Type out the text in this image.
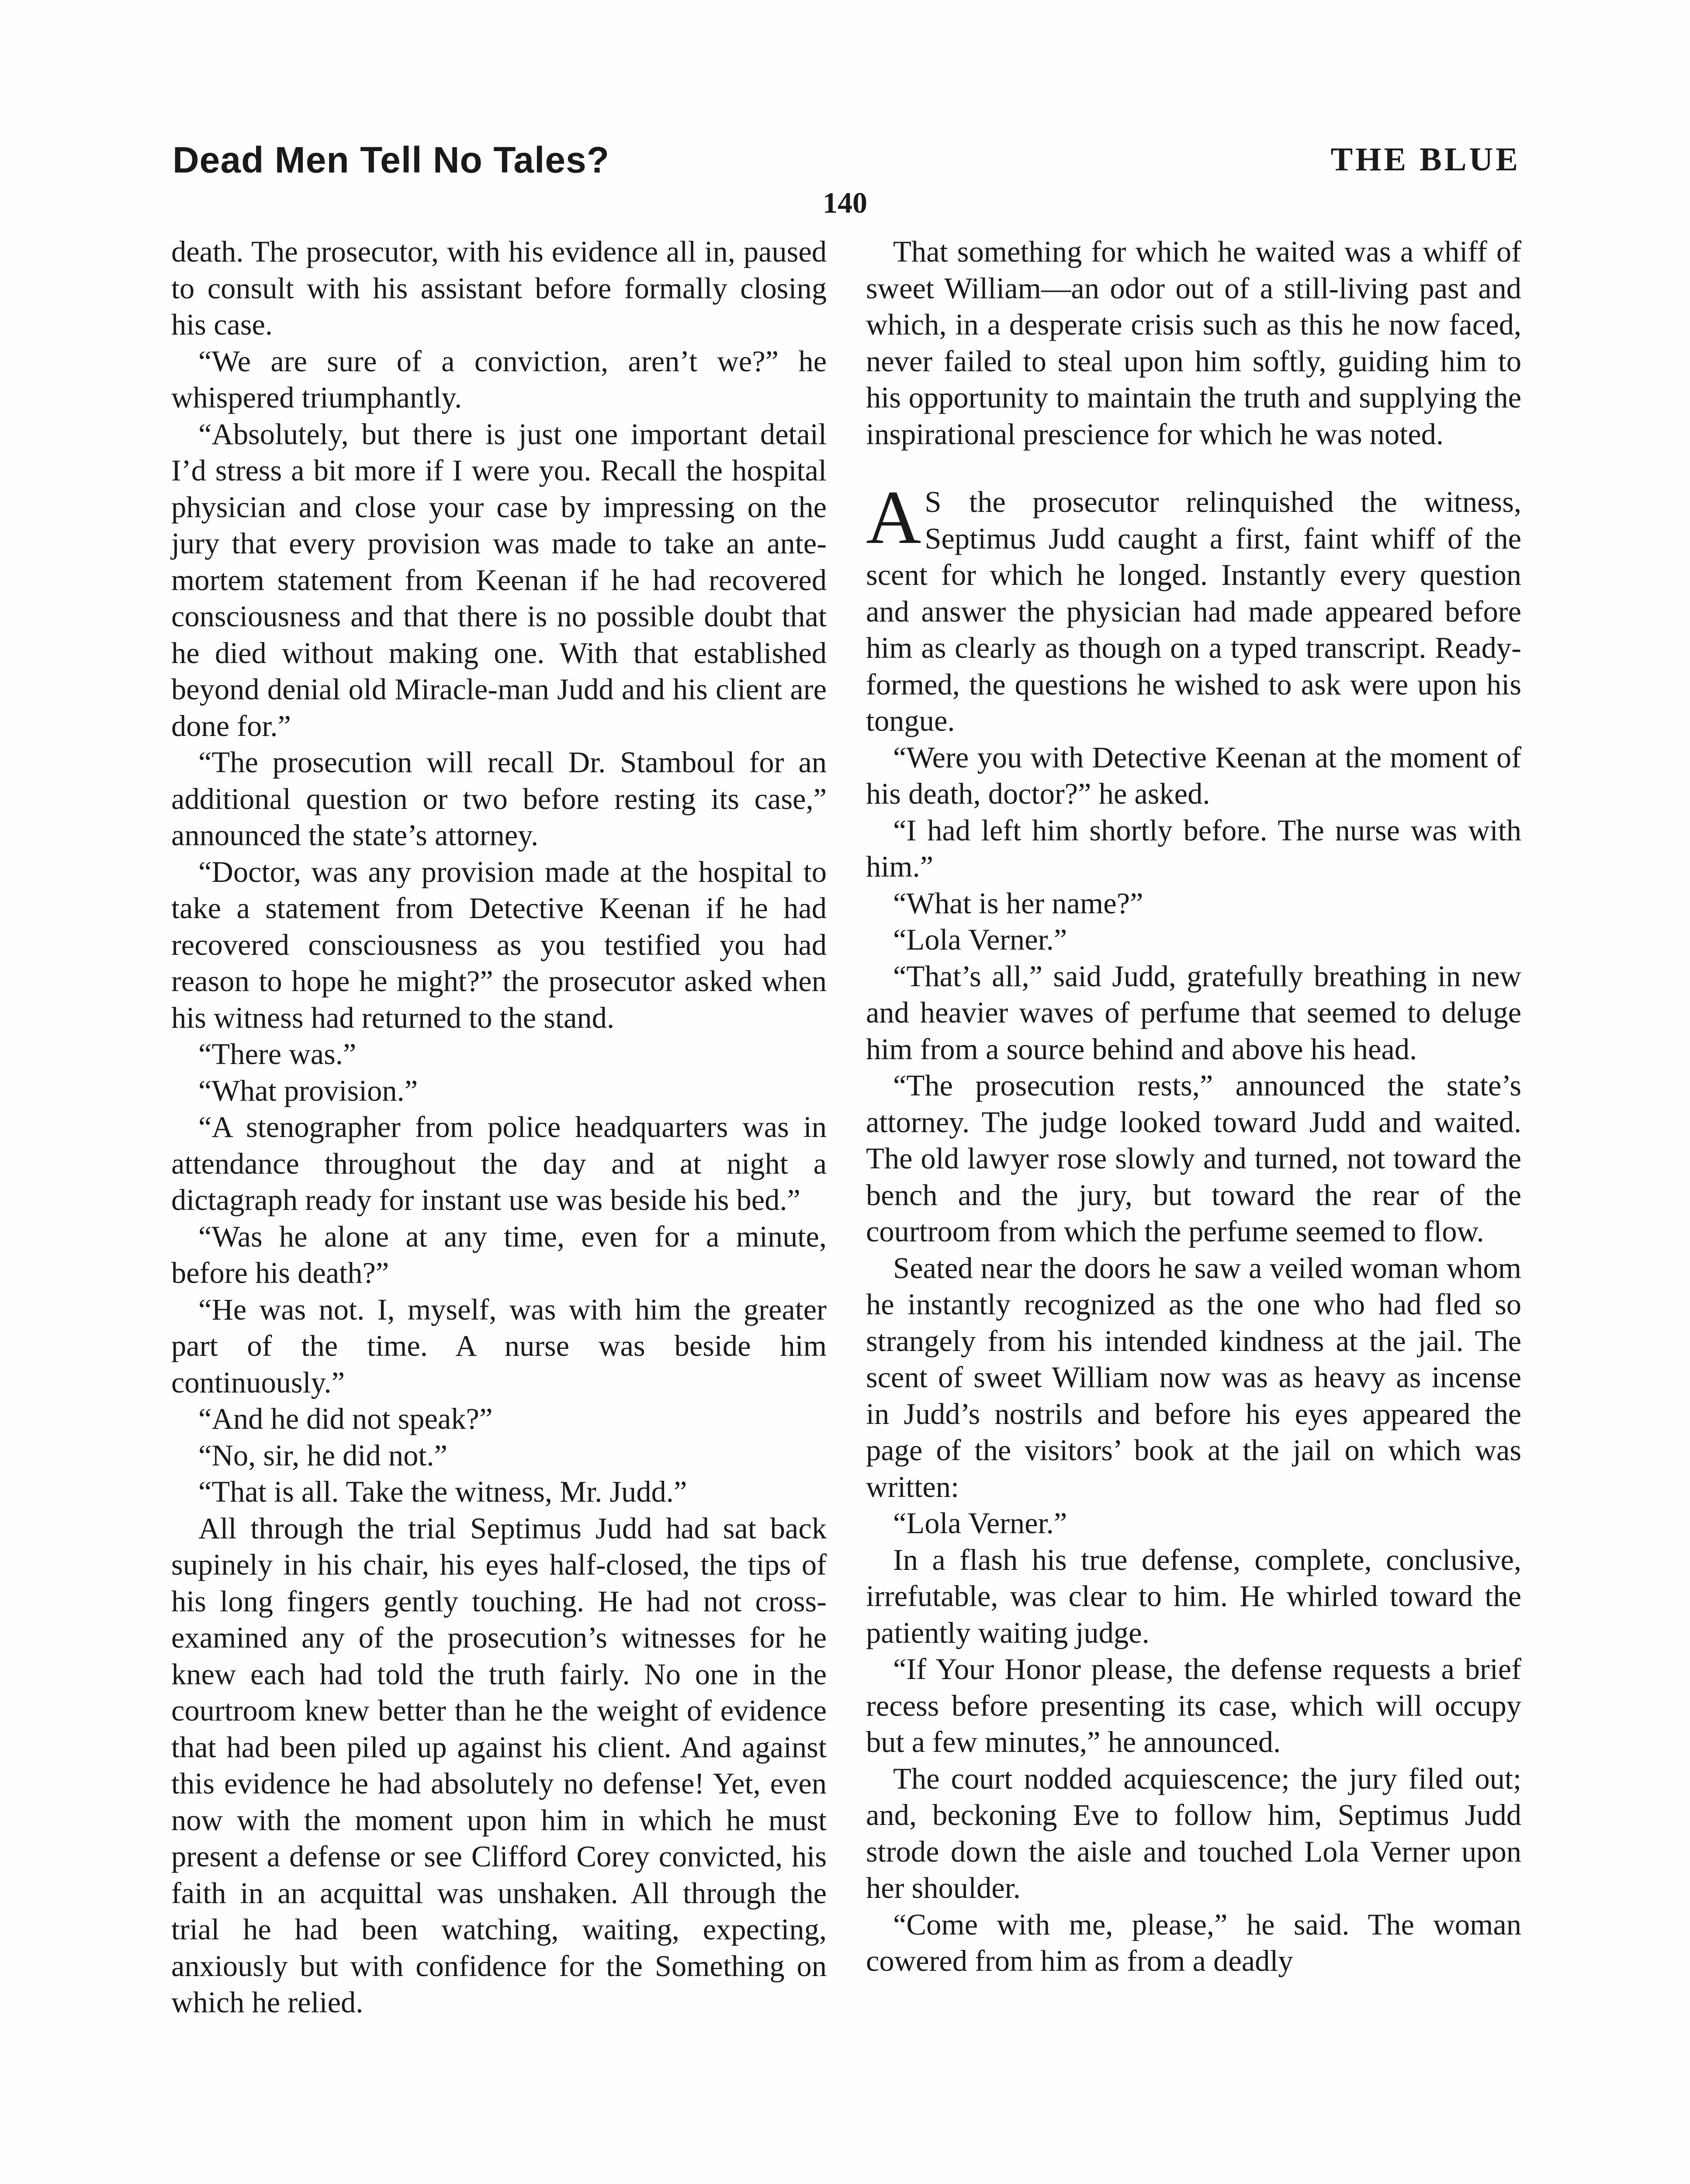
Dead Men Tell No Tales?	THE BLUE
140

death. The prosecutor, with his evidence all in, paused to consult with his assistant before formally closing his case.

“We are sure of a conviction, aren’t we?” he whispered triumphantly.

“Absolutely, but there is just one important detail I’d stress a bit more if I were you. Recall the hospital physician and close your case by impressing on the jury that every provision was made to take an ante-mortem statement from Keenan if he had recovered consciousness and that there is no possible doubt that he died without making one. With that established beyond denial old Miracle-man Judd and his client are done for.”

“The prosecution will recall Dr. Stamboul for an additional question or two before resting its case,” announced the state’s attorney.

“Doctor, was any provision made at the hospital to take a statement from Detective Keenan if he had recovered consciousness as you testified you had reason to hope he might?” the prosecutor asked when his witness had returned to the stand.

“There was.”

“What provision.”

“A stenographer from police headquarters was in attendance throughout the day and at night a dictagraph ready for instant use was beside his bed.”

“Was he alone at any time, even for a minute, before his death?”

“He was not. I, myself, was with him the greater part of the time. A nurse was beside him continuously.”

“And he did not speak?”

“No, sir, he did not.”

“That is all. Take the witness, Mr. Judd.”

All through the trial Septimus Judd had sat back supinely in his chair, his eyes half-closed, the tips of his long fingers gently touching. He had not cross-examined any of the prosecution’s witnesses for he knew each had told the truth fairly. No one in the courtroom knew better than he the weight of evidence that had been piled up against his client. And against this evidence he had absolutely no defense! Yet, even now with the moment upon him in which he must present a defense or see Clifford Corey convicted, his faith in an acquittal was unshaken. All through the trial he had been watching, waiting, expecting, anxiously but with confidence for the Something on which he relied.

That something for which he waited was a whiff of sweet William—an odor out of a still-living past and which, in a desperate crisis such as this he now faced, never failed to steal upon him softly, guiding him to his opportunity to maintain the truth and supplying the inspirational prescience for which he was noted.

A S the prosecutor relinquished the witness, Septimus Judd caught a first, faint whiff of the scent for which he longed. Instantly every question and answer the physician had made appeared before him as clearly as though on a typed transcript. Ready-formed, the questions he wished to ask were upon his tongue.

“Were you with Detective Keenan at the moment of his death, doctor?” he asked.

“I had left him shortly before. The nurse was with him.”

“What is her name?”

“Lola Verner.”

“That’s all,” said Judd, gratefully breathing in new and heavier waves of perfume that seemed to deluge him from a source behind and above his head.

“The prosecution rests,” announced the state’s attorney. The judge looked toward Judd and waited. The old lawyer rose slowly and turned, not toward the bench and the jury, but toward the rear of the courtroom from which the perfume seemed to flow.

Seated near the doors he saw a veiled woman whom he instantly recognized as the one who had fled so strangely from his intended kindness at the jail. The scent of sweet William now was as heavy as incense in Judd’s nostrils and before his eyes appeared the page of the visitors’ book at the jail on which was written:

“Lola Verner.”

In a flash his true defense, complete, conclusive, irrefutable, was clear to him. He whirled toward the patiently waiting judge.

“If Your Honor please, the defense requests a brief recess before presenting its case, which will occupy but a few minutes,” he announced.

The court nodded acquiescence; the jury filed out; and, beckoning Eve to follow him, Septimus Judd strode down the aisle and touched Lola Verner upon her shoulder.

“Come with me, please,” he said. The woman cowered from him as from a deadly
